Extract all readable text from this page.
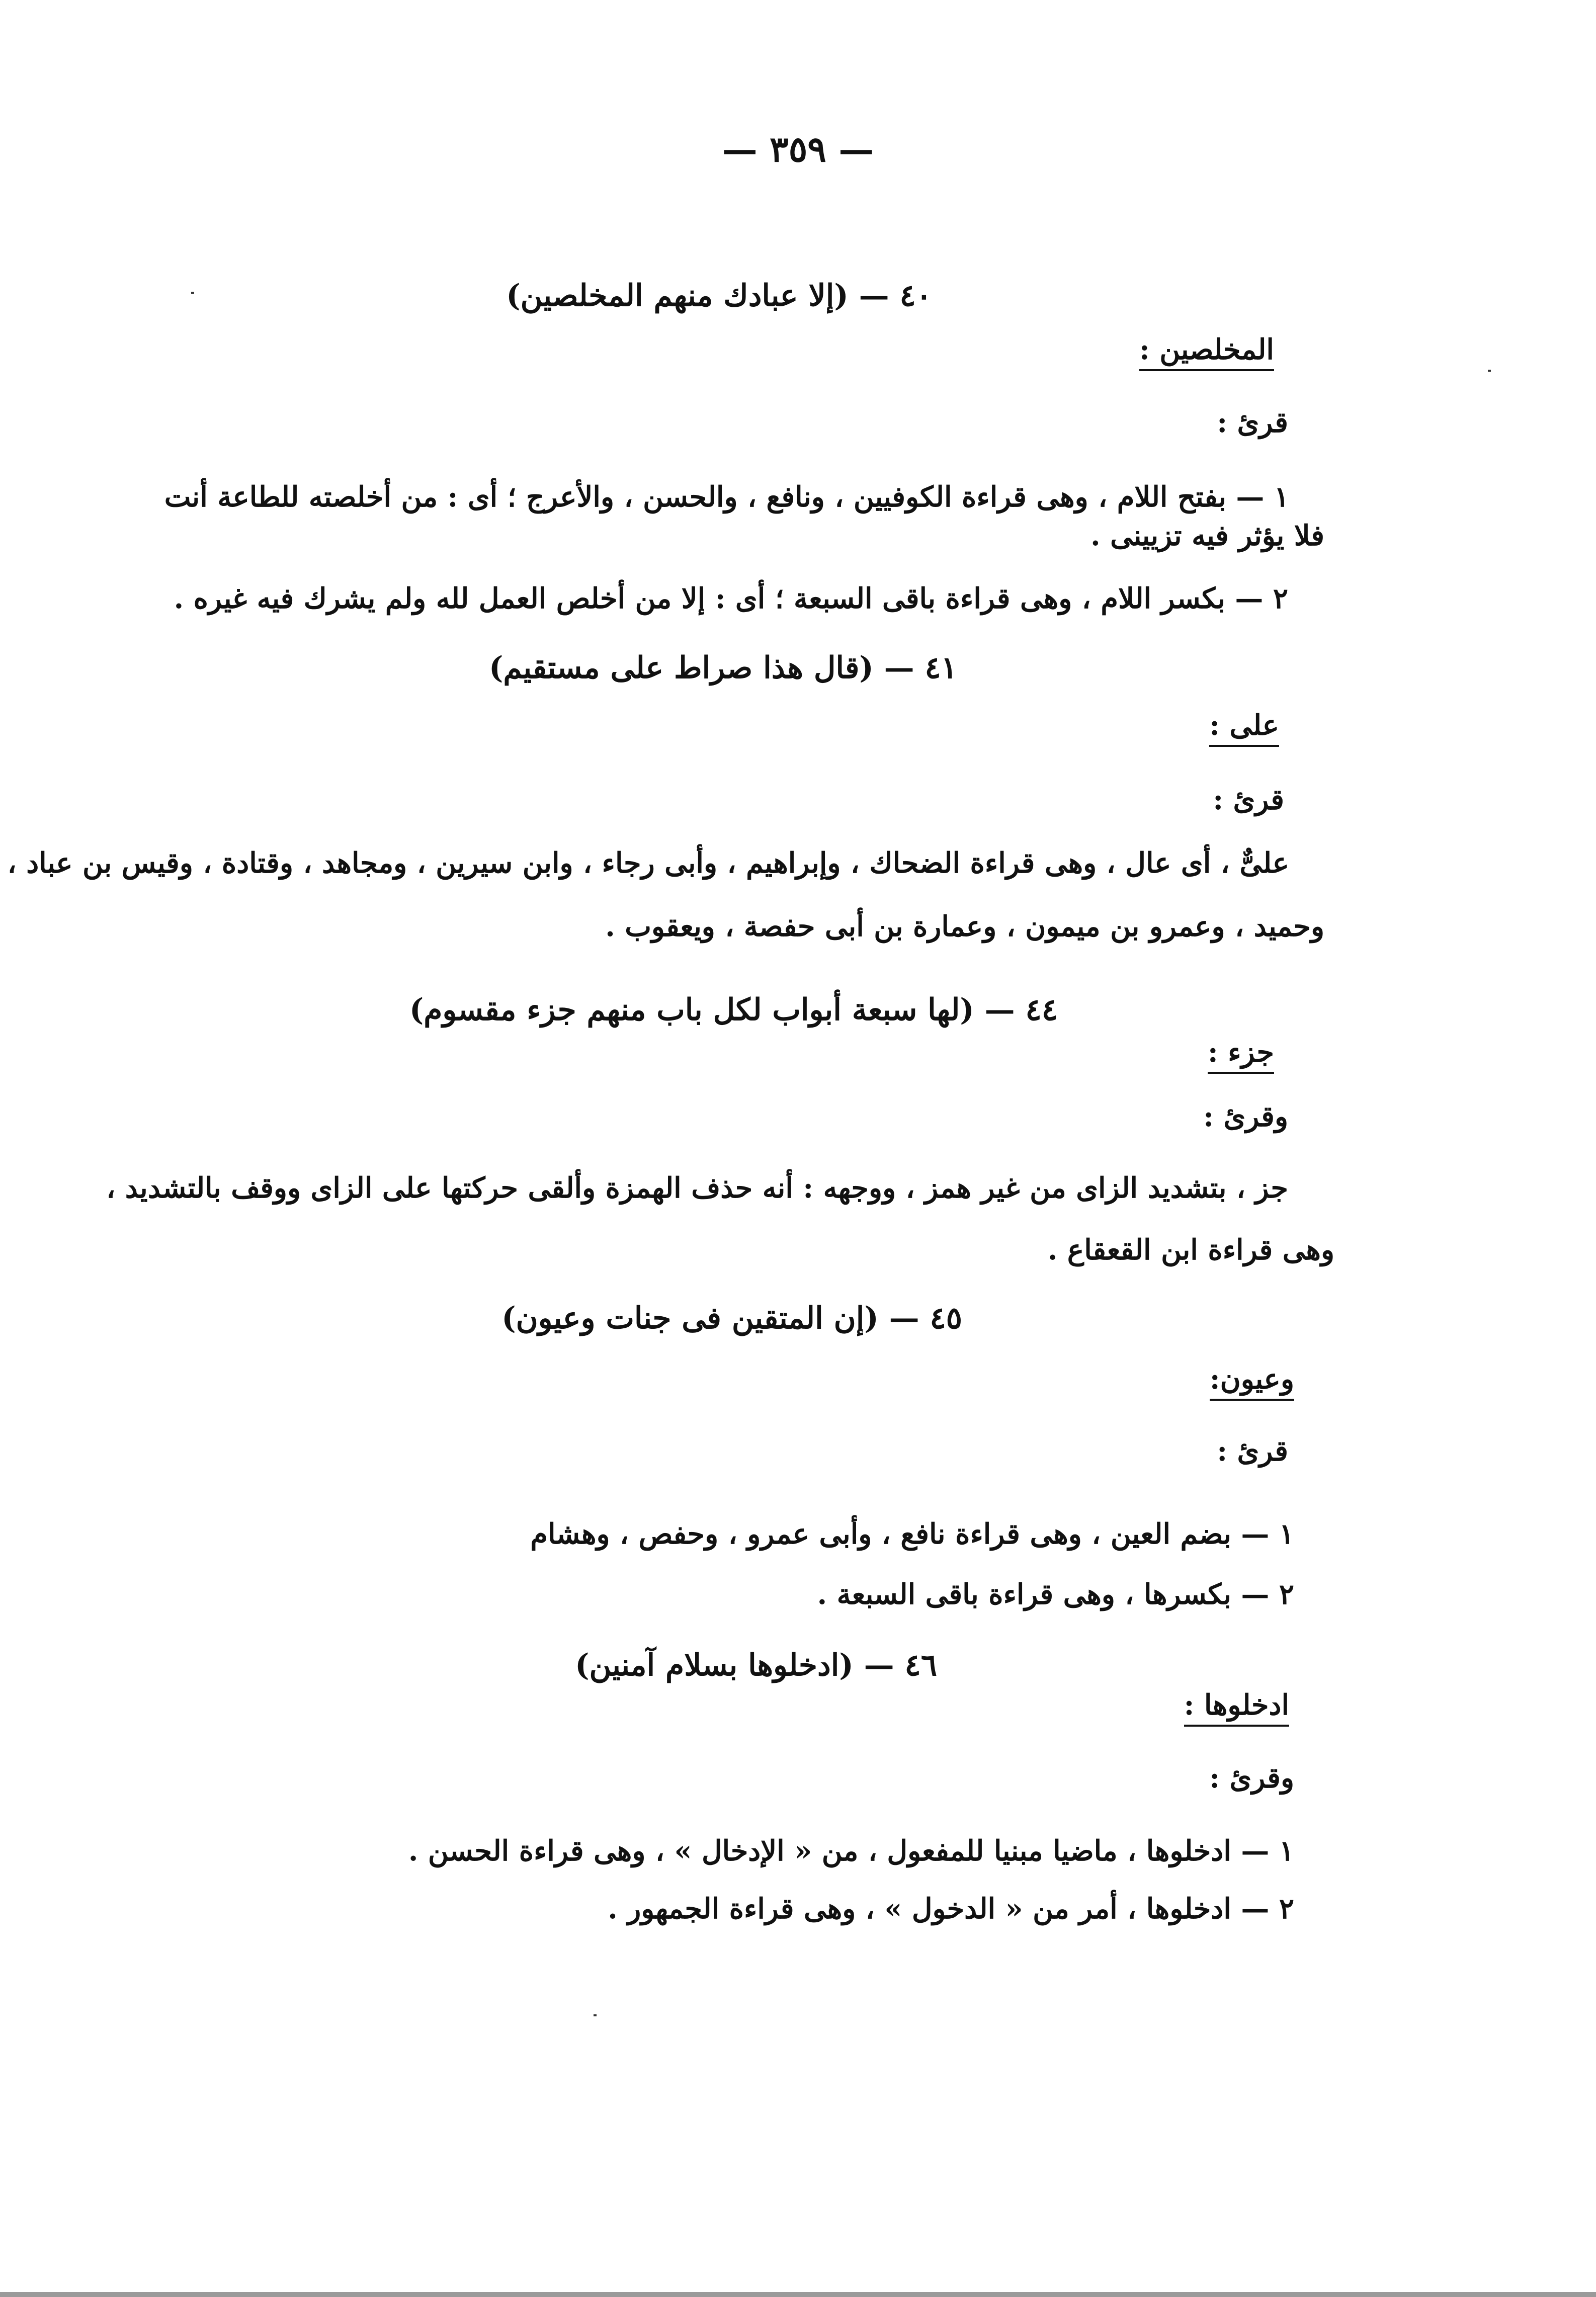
— ٣٥٩ —
٤٠ — (إلا عبادك منهم المخلصين)
المخلصين :
قرئ :
١ — بفتح اللام ، وهى قراءة الكوفيين ، ونافع ، والحسن ، والأعرج ؛ أى : من أخلصته للطاعة أنت
فلا يؤثر فيه تزيينى .
٢ — بكسر اللام ، وهى قراءة باقى السبعة ؛ أى : إلا من أخلص العمل لله ولم يشرك فيه غيره .
٤١ — (قال هذا صراط على مستقيم)
على :
قرئ :
علىٌّ ، أى عال ، وهى قراءة الضحاك ، وإبراهيم ، وأبى رجاء ، وابن سيرين ، ومجاهد ، وقتادة ، وقيس بن عباد ،
وحميد ، وعمرو بن ميمون ، وعمارة بن أبى حفصة ، ويعقوب .
٤٤ — (لها سبعة أبواب لكل باب منهم جزء مقسوم)
جزء :
وقرئ :
جز ، بتشديد الزاى من غير همز ، ووجهه : أنه حذف الهمزة وألقى حركتها على الزاى ووقف بالتشديد ،
وهى قراءة ابن القعقاع .
٤٥ — (إن المتقين فى جنات وعيون)
وعيون:
قرئ :
١ — بضم العين ، وهى قراءة نافع ، وأبى عمرو ، وحفص ، وهشام
٢ — بكسرها ، وهى قراءة باقى السبعة .
٤٦ — (ادخلوها بسلام آمنين)
ادخلوها :
وقرئ :
١ — ادخلوها ، ماضيا مبنيا للمفعول ، من « الإدخال » ، وهى قراءة الحسن .
٢ — ادخلوها ، أمر من « الدخول » ، وهى قراءة الجمهور .
